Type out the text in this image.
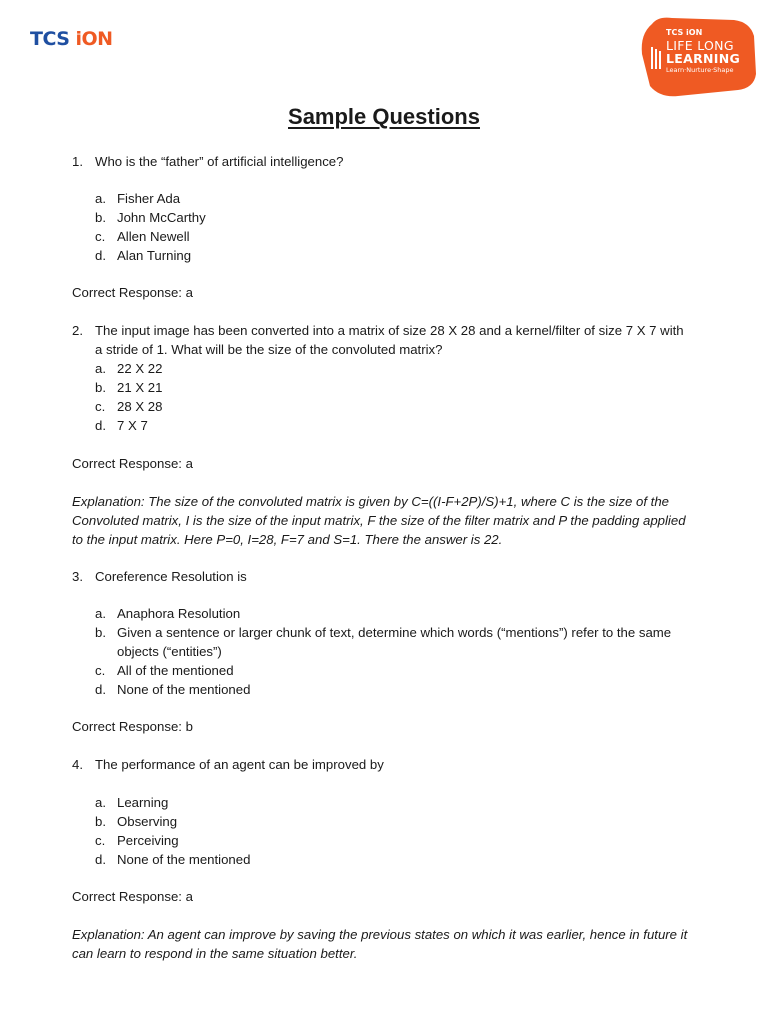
TCS iON	TCS iON
LIFE LONG
LEARNING
Learn·Nurture·Shape
Sample Questions
1. Who is the “father” of artificial intelligence?
a. Fisher Ada
b. John McCarthy
c. Allen Newell
d. Alan Turning
Correct Response: a
2. The input image has been converted into a matrix of size 28 X 28 and a kernel/filter of size 7 X 7 with a stride of 1. What will be the size of the convoluted matrix?
a. 22 X 22
b. 21 X 21
c. 28 X 28
d. 7 X 7
Correct Response: a
Explanation: The size of the convoluted matrix is given by C=((I-F+2P)/S)+1, where C is the size of the Convoluted matrix, I is the size of the input matrix, F the size of the filter matrix and P the padding applied to the input matrix. Here P=0, I=28, F=7 and S=1. There the answer is 22.
3. Coreference Resolution is
a. Anaphora Resolution
b. Given a sentence or larger chunk of text, determine which words (“mentions”) refer to the same objects (“entities”)
c. All of the mentioned
d. None of the mentioned
Correct Response: b
4. The performance of an agent can be improved by
a. Learning
b. Observing
c. Perceiving
d. None of the mentioned
Correct Response: a
Explanation: An agent can improve by saving the previous states on which it was earlier, hence in future it can learn to respond in the same situation better.
